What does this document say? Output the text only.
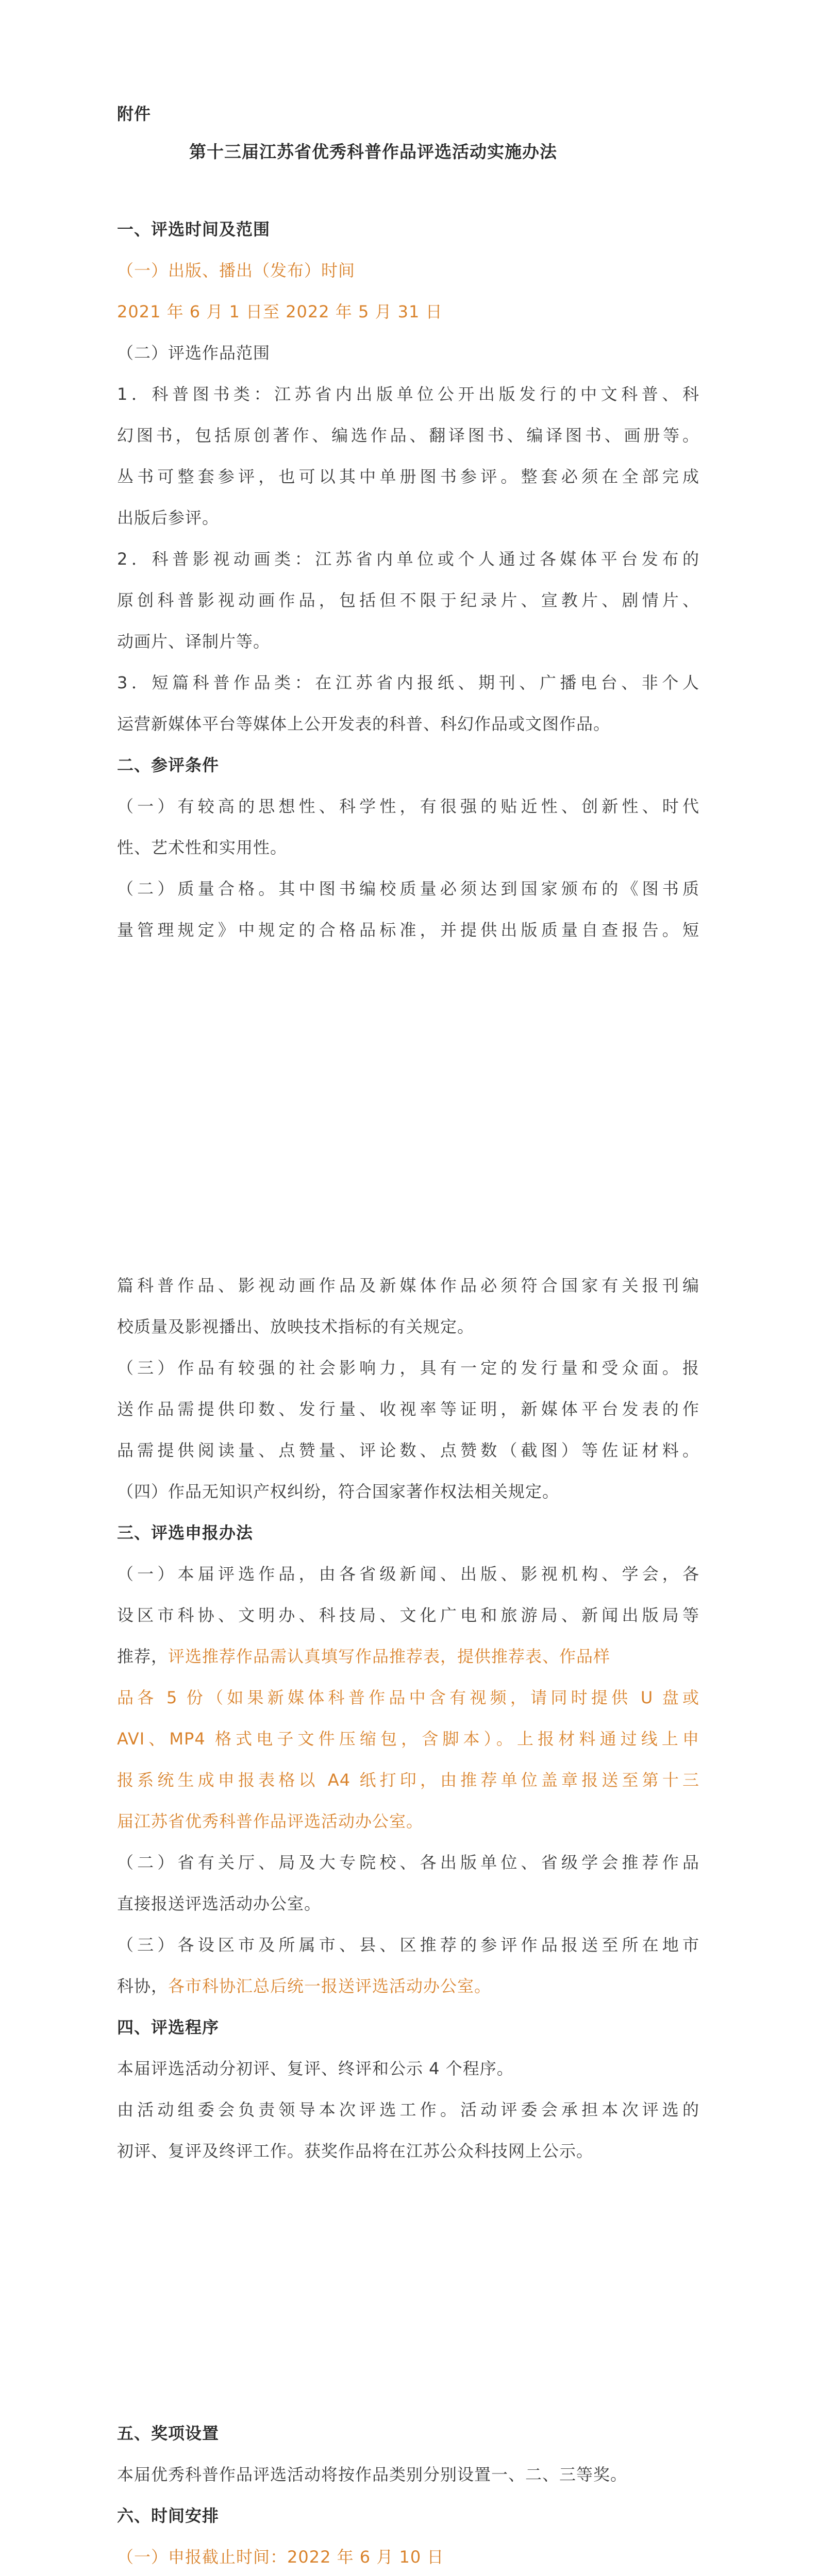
附件
第十三届江苏省优秀科普作品评选活动实施办法
一、评选时间及范围
（一）出版、播出（发布）时间
2021 年 6 月 1 日至 2022 年 5 月 31 日
（二）评选作品范围
1．科普图书类：江苏省内出版单位公开出版发行的中文科普、科
幻图书，包括原创著作、编选作品、翻译图书、编译图书、画册等。
丛书可整套参评，也可以其中单册图书参评。整套必须在全部完成
出版后参评。
2．科普影视动画类：江苏省内单位或个人通过各媒体平台发布的
原创科普影视动画作品，包括但不限于纪录片、宣教片、剧情片、
动画片、译制片等。
3．短篇科普作品类：在江苏省内报纸、期刊、广播电台、非个人
运营新媒体平台等媒体上公开发表的科普、科幻作品或文图作品。
二、参评条件
（一）有较高的思想性、科学性，有很强的贴近性、创新性、时代
性、艺术性和实用性。
（二）质量合格。其中图书编校质量必须达到国家颁布的《图书质
量管理规定》中规定的合格品标准，并提供出版质量自查报告。短
篇科普作品、影视动画作品及新媒体作品必须符合国家有关报刊编
校质量及影视播出、放映技术指标的有关规定。
（三）作品有较强的社会影响力，具有一定的发行量和受众面。报
送作品需提供印数、发行量、收视率等证明，新媒体平台发表的作
品需提供阅读量、点赞量、评论数、点赞数（截图）等佐证材料。
（四）作品无知识产权纠纷，符合国家著作权法相关规定。
三、评选申报办法
（一）本届评选作品，由各省级新闻、出版、影视机构、学会，各
设区市科协、文明办、科技局、文化广电和旅游局、新闻出版局等
推荐，评选推荐作品需认真填写作品推荐表，提供推荐表、作品样
品各 5 份（如果新媒体科普作品中含有视频，请同时提供 U 盘或
AVI、MP4 格式电子文件压缩包，含脚本）。上报材料通过线上申
报系统生成申报表格以 A4 纸打印，由推荐单位盖章报送至第十三
届江苏省优秀科普作品评选活动办公室。
（二）省有关厅、局及大专院校、各出版单位、省级学会推荐作品
直接报送评选活动办公室。
（三）各设区市及所属市、县、区推荐的参评作品报送至所在地市
科协，各市科协汇总后统一报送评选活动办公室。
四、评选程序
本届评选活动分初评、复评、终评和公示 4 个程序。
由活动组委会负责领导本次评选工作。活动评委会承担本次评选的
初评、复评及终评工作。获奖作品将在江苏公众科技网上公示。
五、奖项设置
本届优秀科普作品评选活动将按作品类别分别设置一、二、三等奖。
六、时间安排
（一）申报截止时间：2022 年 6 月 10 日
